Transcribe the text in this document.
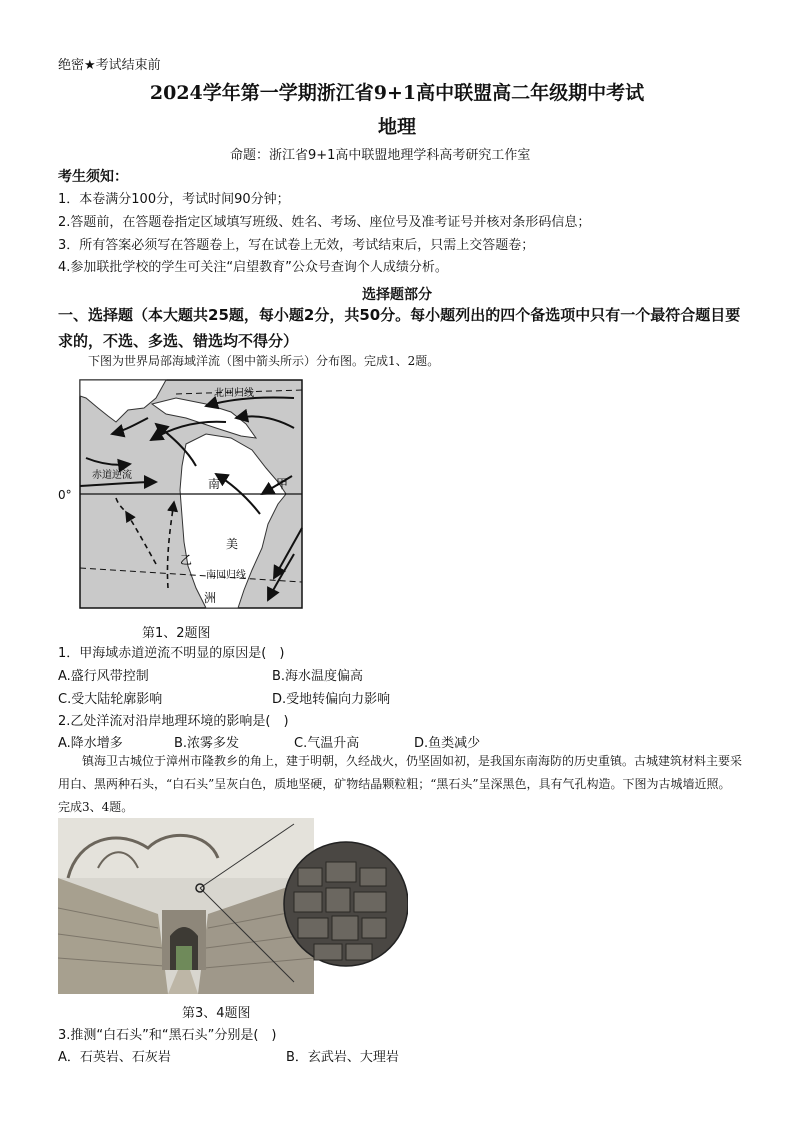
绝密★考试结束前
2024学年第一学期浙江省9+1高中联盟高二年级期中考试
地理
命题：浙江省9+1高中联盟地理学科高考研究工作室
考生须知：
1．本卷满分100分，考试时间90分钟；
2.答题前，在答题卷指定区域填写班级、姓名、考场、座位号及准考证号并核对条形码信息；
3．所有答案必须写在答题卷上，写在试卷上无效，考试结束后，只需上交答题卷；
4.参加联批学校的学生可关注“启望教育”公众号查询个人成绩分析。
选择题部分
一、选择题（本大题共25题，每小题2分，共50分。每小题列出的四个备选项中只有一个最符合题目要求的，不选、多选、错选均不得分）
下图为世界局部海域洋流（图中箭头所示）分布图。完成1、2题。
北回归线
赤道逆流
南	甲
美
乙
南回归线
洲
0°
第1、2题图
1．甲海域赤道逆流不明显的原因是(　)
A.盛行风带控制	B.海水温度偏高
C.受大陆轮廓影响	D.受地转偏向力影响
2.乙处洋流对沿岸地理环境的影响是(　)
A.降水增多	B.浓雾多发	C.气温升高	D.鱼类减少
镇海卫古城位于漳州市隆教乡的角上，建于明朝，久经战火，仍坚固如初，是我国东南海防的历史重镇。古城建筑材料主要采用白、黑两种石头，“白石头”呈灰白色，质地坚硬，矿物结晶颗粒粗；“黑石头”呈深黑色，具有气孔构造。下图为古城墙近照。完成3、4题。
第3、4题图
3.推测“白石头”和“黑石头”分别是(　)
A．石英岩、石灰岩	B．玄武岩、大理岩
